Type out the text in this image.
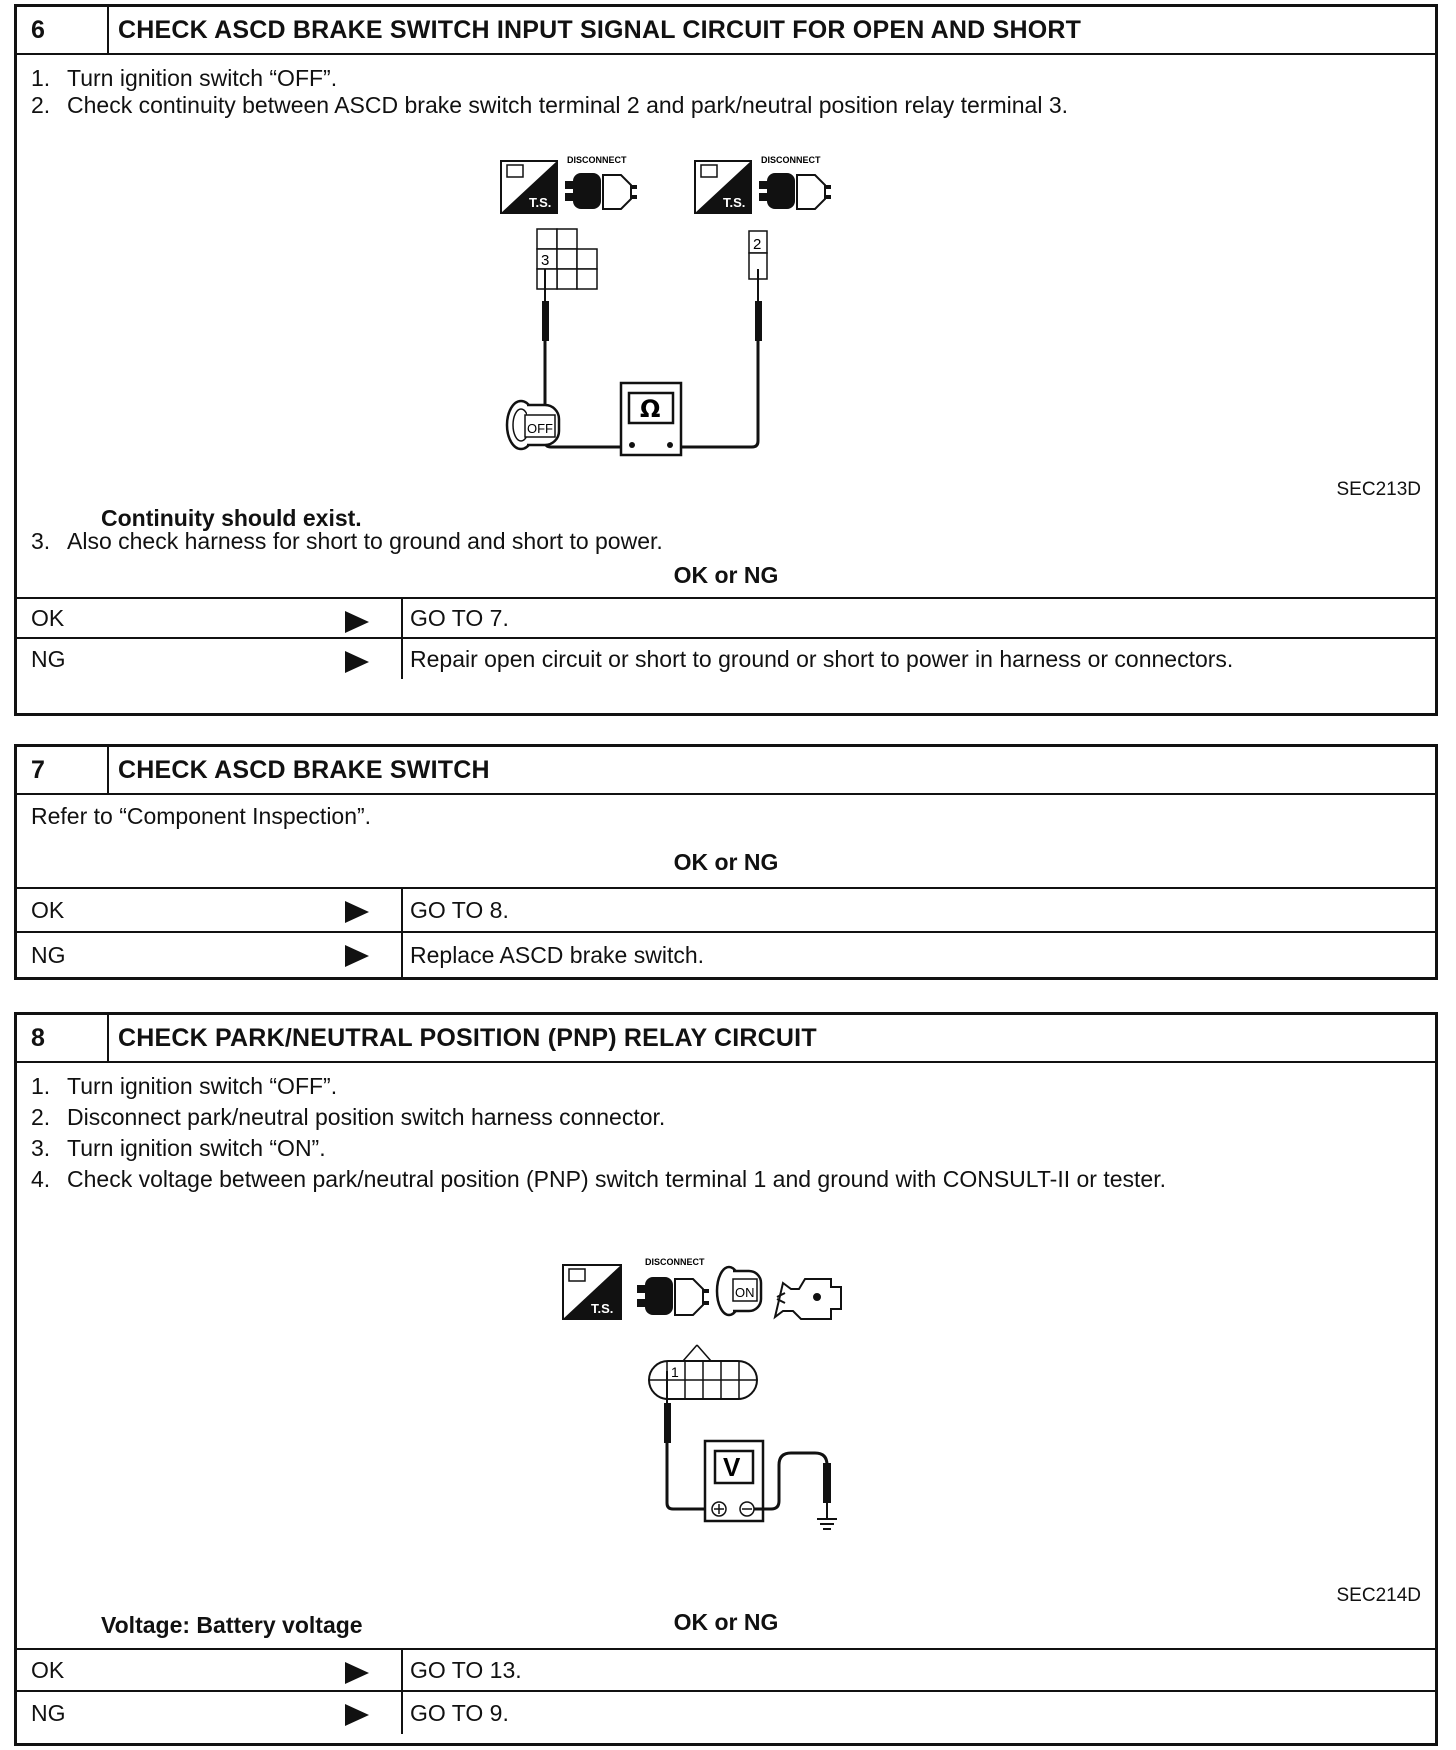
6	CHECK ASCD BRAKE SWITCH INPUT SIGNAL CIRCUIT FOR OPEN AND SHORT
1. Turn ignition switch “OFF”.
2. Check continuity between ASCD brake switch terminal 2 and park/neutral position relay terminal 3.
T.S.
DISCONNECT
T.S.
DISCONNECT
3
2
Ω
OFF
SEC213D
Continuity should exist.
3. Also check harness for short to ground and short to power.
OK or NG
OK	GO TO 7.
NG	Repair open circuit or short to ground or short to power in harness or connectors.
7	CHECK ASCD BRAKE SWITCH
Refer to “Component Inspection”.
OK or NG
OK	GO TO 8.
NG	Replace ASCD brake switch.
8	CHECK PARK/NEUTRAL POSITION (PNP) RELAY CIRCUIT
1. Turn ignition switch “OFF”.
2. Disconnect park/neutral position switch harness connector.
3. Turn ignition switch “ON”.
4. Check voltage between park/neutral position (PNP) switch terminal 1 and ground with CONSULT-II or tester.
T.S.
DISCONNECT
ON
1
V
SEC214D
Voltage: Battery voltage	OK or NG
OK	GO TO 13.
NG	GO TO 9.
